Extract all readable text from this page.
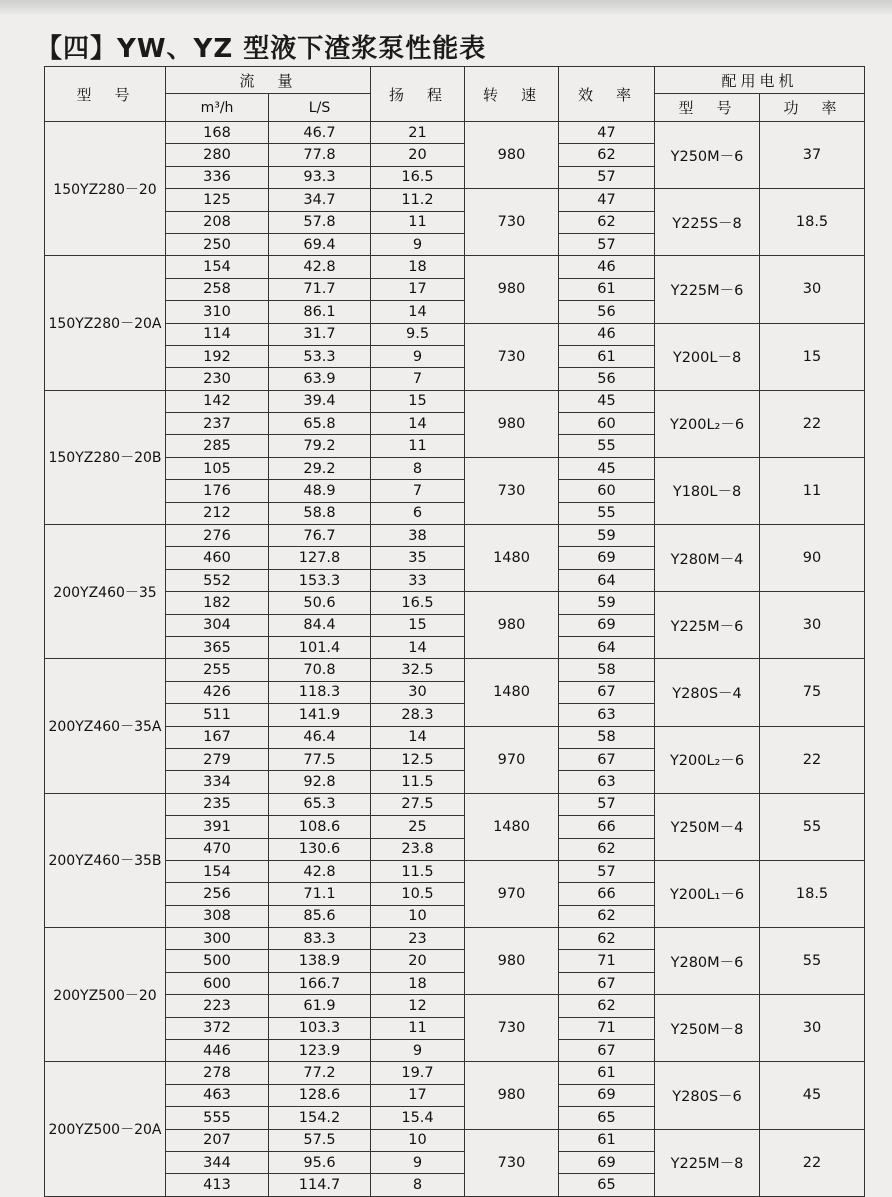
【四】YW、YZ 型液下渣浆泵性能表
型　号	流　量		扬　程	转　速	效　率	配用电机	
	m³/h	L/S				型　号	功　率
150YZ280－20	168	46.7	21	980	47	Y250M－6	37
	280	77.8	20		62		
	336	93.3	16.5		57		
	125	34.7	11.2	730	47	Y225S－8	18.5
	208	57.8	11		62		
	250	69.4	9		57		
150YZ280－20A	154	42.8	18	980	46	Y225M－6	30
	258	71.7	17		61		
	310	86.1	14		56		
	114	31.7	9.5	730	46	Y200L－8	15
	192	53.3	9		61		
	230	63.9	7		56		
150YZ280－20B	142	39.4	15	980	45	Y200L₂－6	22
	237	65.8	14		60		
	285	79.2	11		55		
	105	29.2	8	730	45	Y180L－8	11
	176	48.9	7		60		
	212	58.8	6		55		
200YZ460－35	276	76.7	38	1480	59	Y280M－4	90
	460	127.8	35		69		
	552	153.3	33		64		
	182	50.6	16.5	980	59	Y225M－6	30
	304	84.4	15		69		
	365	101.4	14		64		
200YZ460－35A	255	70.8	32.5	1480	58	Y280S－4	75
	426	118.3	30		67		
	511	141.9	28.3		63		
	167	46.4	14	970	58	Y200L₂－6	22
	279	77.5	12.5		67		
	334	92.8	11.5		63		
200YZ460－35B	235	65.3	27.5	1480	57	Y250M－4	55
	391	108.6	25		66		
	470	130.6	23.8		62		
	154	42.8	11.5	970	57	Y200L₁－6	18.5
	256	71.1	10.5		66		
	308	85.6	10		62		
200YZ500－20	300	83.3	23	980	62	Y280M－6	55
	500	138.9	20		71		
	600	166.7	18		67		
	223	61.9	12	730	62	Y250M－8	30
	372	103.3	11		71		
	446	123.9	9		67		
200YZ500－20A	278	77.2	19.7	980	61	Y280S－6	45
	463	128.6	17		69		
	555	154.2	15.4		65		
	207	57.5	10	730	61	Y225M－8	22
	344	95.6	9		69		
	413	114.7	8		65		
